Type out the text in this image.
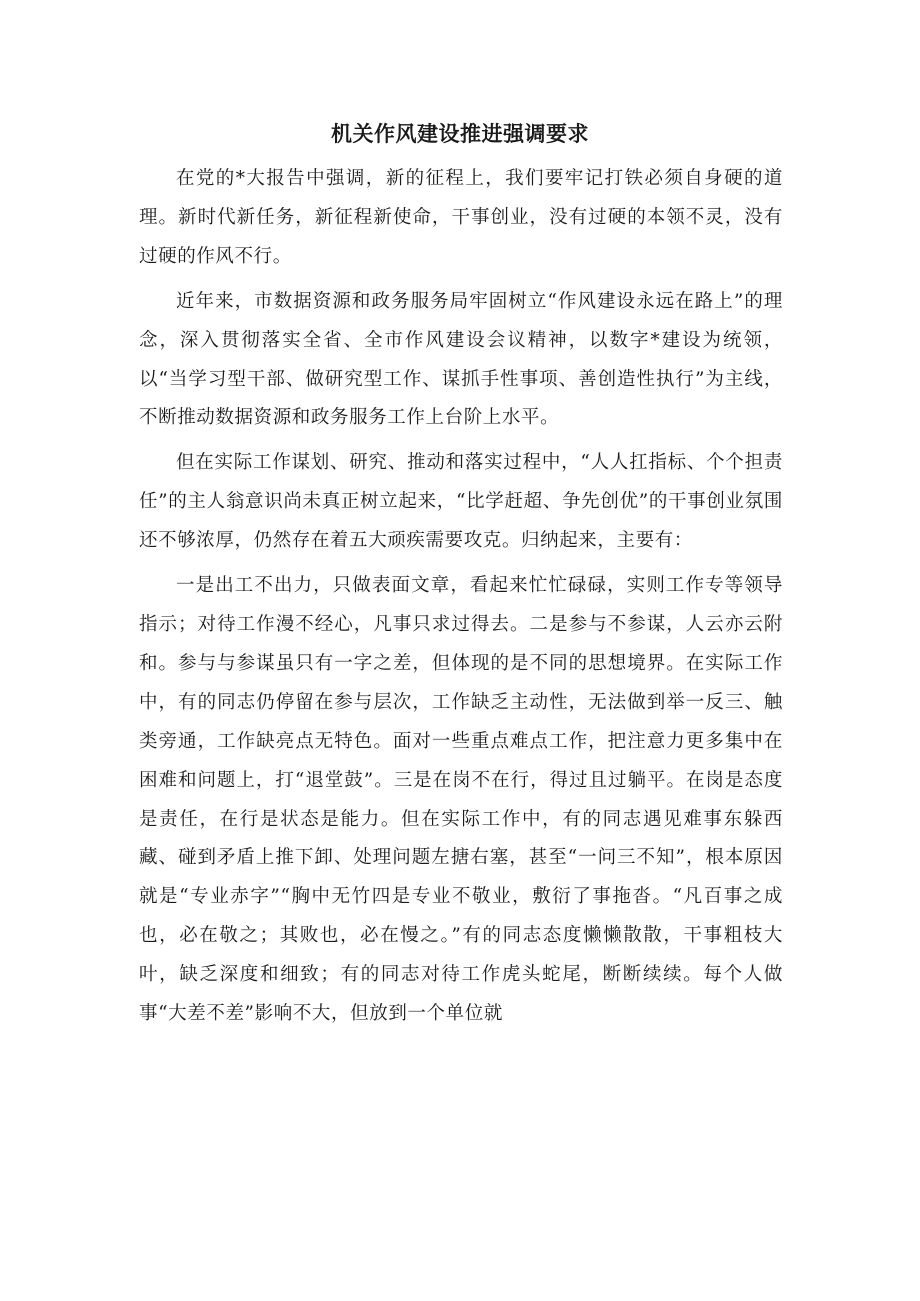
机关作风建设推进强调要求

在党的*大报告中强调，新的征程上，我们要牢记打铁必须自身硬的道理。新时代新任务，新征程新使命，干事创业，没有过硬的本领不灵，没有过硬的作风不行。

近年来，市数据资源和政务服务局牢固树立“作风建设永远在路上”的理念，深入贯彻落实全省、全市作风建设会议精神，以数字*建设为统领，以“当学习型干部、做研究型工作、谋抓手性事项、善创造性执行”为主线，不断推动数据资源和政务服务工作上台阶上水平。

但在实际工作谋划、研究、推动和落实过程中，“人人扛指标、个个担责任”的主人翁意识尚未真正树立起来，“比学赶超、争先创优”的干事创业氛围还不够浓厚，仍然存在着五大顽疾需要攻克。归纳起来，主要有：

一是出工不出力，只做表面文章，看起来忙忙碌碌，实则工作专等领导指示；对待工作漫不经心，凡事只求过得去。二是参与不参谋，人云亦云附和。参与与参谋虽只有一字之差，但体现的是不同的思想境界。在实际工作中，有的同志仍停留在参与层次，工作缺乏主动性，无法做到举一反三、触类旁通，工作缺亮点无特色。面对一些重点难点工作，把注意力更多集中在困难和问题上，打“退堂鼓”。三是在岗不在行，得过且过躺平。在岗是态度是责任，在行是状态是能力。但在实际工作中，有的同志遇见难事东躲西藏、碰到矛盾上推下卸、处理问题左搪右塞，甚至“一问三不知”，根本原因就是“专业赤字”“胸中无竹四是专业不敬业，敷衍了事拖沓。“凡百事之成也，必在敬之；其败也，必在慢之。”有的同志态度懒懒散散，干事粗枝大叶，缺乏深度和细致；有的同志对待工作虎头蛇尾，断断续续。每个人做事“大差不差”影响不大，但放到一个单位就
